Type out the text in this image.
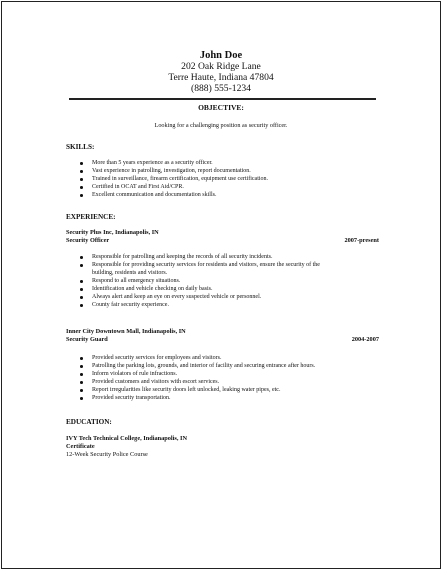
John Doe
202 Oak Ridge Lane
Terre Haute, Indiana 47804
(888) 555-1234
OBJECTIVE:
Looking for a challenging position as security officer.
SKILLS:
More than 5 years experience as a security officer.
Vast experience in patrolling, investigation, report documentation.
Trained in surveillance, firearm certification, equipment use certification.
Certified in OCAT and First Aid/CPR.
Excellent communication and documentation skills.
EXPERIENCE:
Security Plus Inc, Indianapolis, IN
Security Officer	2007-present
Responsible for patrolling and keeping the records of all security incidents.
Responsible for providing security services for residents and visitors, ensure the security of the
building, residents and visitors.
Respond to all emergency situations.
Identification and vehicle checking on daily basis.
Always alert and keep an eye on every suspected vehicle or personnel.
County fair security experience.
Inner City Downtown Mall, Indianapolis, IN
Security Guard	2004-2007
Provided security services for employees and visitors.
Patrolling the parking lots, grounds, and interior of facility and securing entrance after hours.
Inform violators of rule infractions.
Provided customers and visitors with escort services.
Report irregularities like security doors left unlocked, leaking water pipes, etc.
Provided security transportation.
EDUCATION:
IVY Tech Technical College, Indianapolis, IN
Certificate
12-Week Security Police Course
